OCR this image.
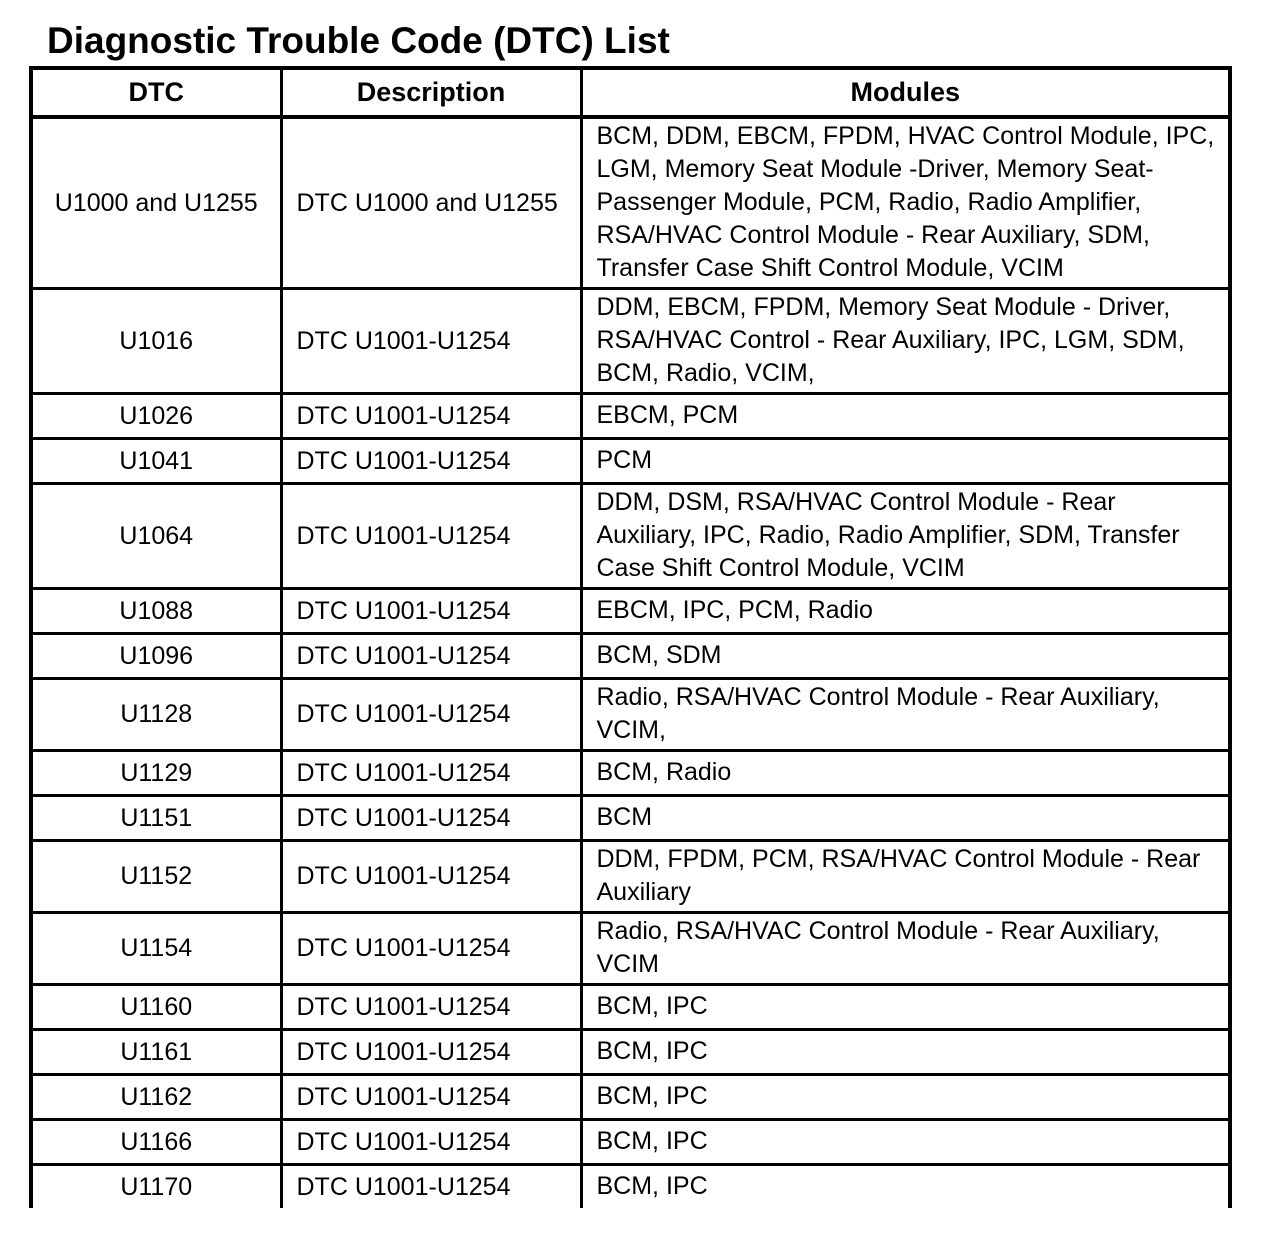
Diagnostic Trouble Code (DTC) List
DTC	Description	Modules
U1000 and U1255	DTC U1000 and U1255	BCM, DDM, EBCM, FPDM, HVAC Control Module, IPC, LGM, Memory Seat Module -Driver, Memory Seat-Passenger Module, PCM, Radio, Radio Amplifier, RSA/HVAC Control Module - Rear Auxiliary, SDM, Transfer Case Shift Control Module, VCIM
U1016	DTC U1001-U1254	DDM, EBCM, FPDM, Memory Seat Module - Driver, RSA/HVAC Control - Rear Auxiliary, IPC, LGM, SDM, BCM, Radio, VCIM,
U1026	DTC U1001-U1254	EBCM, PCM
U1041	DTC U1001-U1254	PCM
U1064	DTC U1001-U1254	DDM, DSM, RSA/HVAC Control Module - Rear Auxiliary, IPC, Radio, Radio Amplifier, SDM, Transfer Case Shift Control Module, VCIM
U1088	DTC U1001-U1254	EBCM, IPC, PCM, Radio
U1096	DTC U1001-U1254	BCM, SDM
U1128	DTC U1001-U1254	Radio, RSA/HVAC Control Module - Rear Auxiliary, VCIM,
U1129	DTC U1001-U1254	BCM, Radio
U1151	DTC U1001-U1254	BCM
U1152	DTC U1001-U1254	DDM, FPDM, PCM, RSA/HVAC Control Module - Rear Auxiliary
U1154	DTC U1001-U1254	Radio, RSA/HVAC Control Module - Rear Auxiliary, VCIM
U1160	DTC U1001-U1254	BCM, IPC
U1161	DTC U1001-U1254	BCM, IPC
U1162	DTC U1001-U1254	BCM, IPC
U1166	DTC U1001-U1254	BCM, IPC
U1170	DTC U1001-U1254	BCM, IPC
